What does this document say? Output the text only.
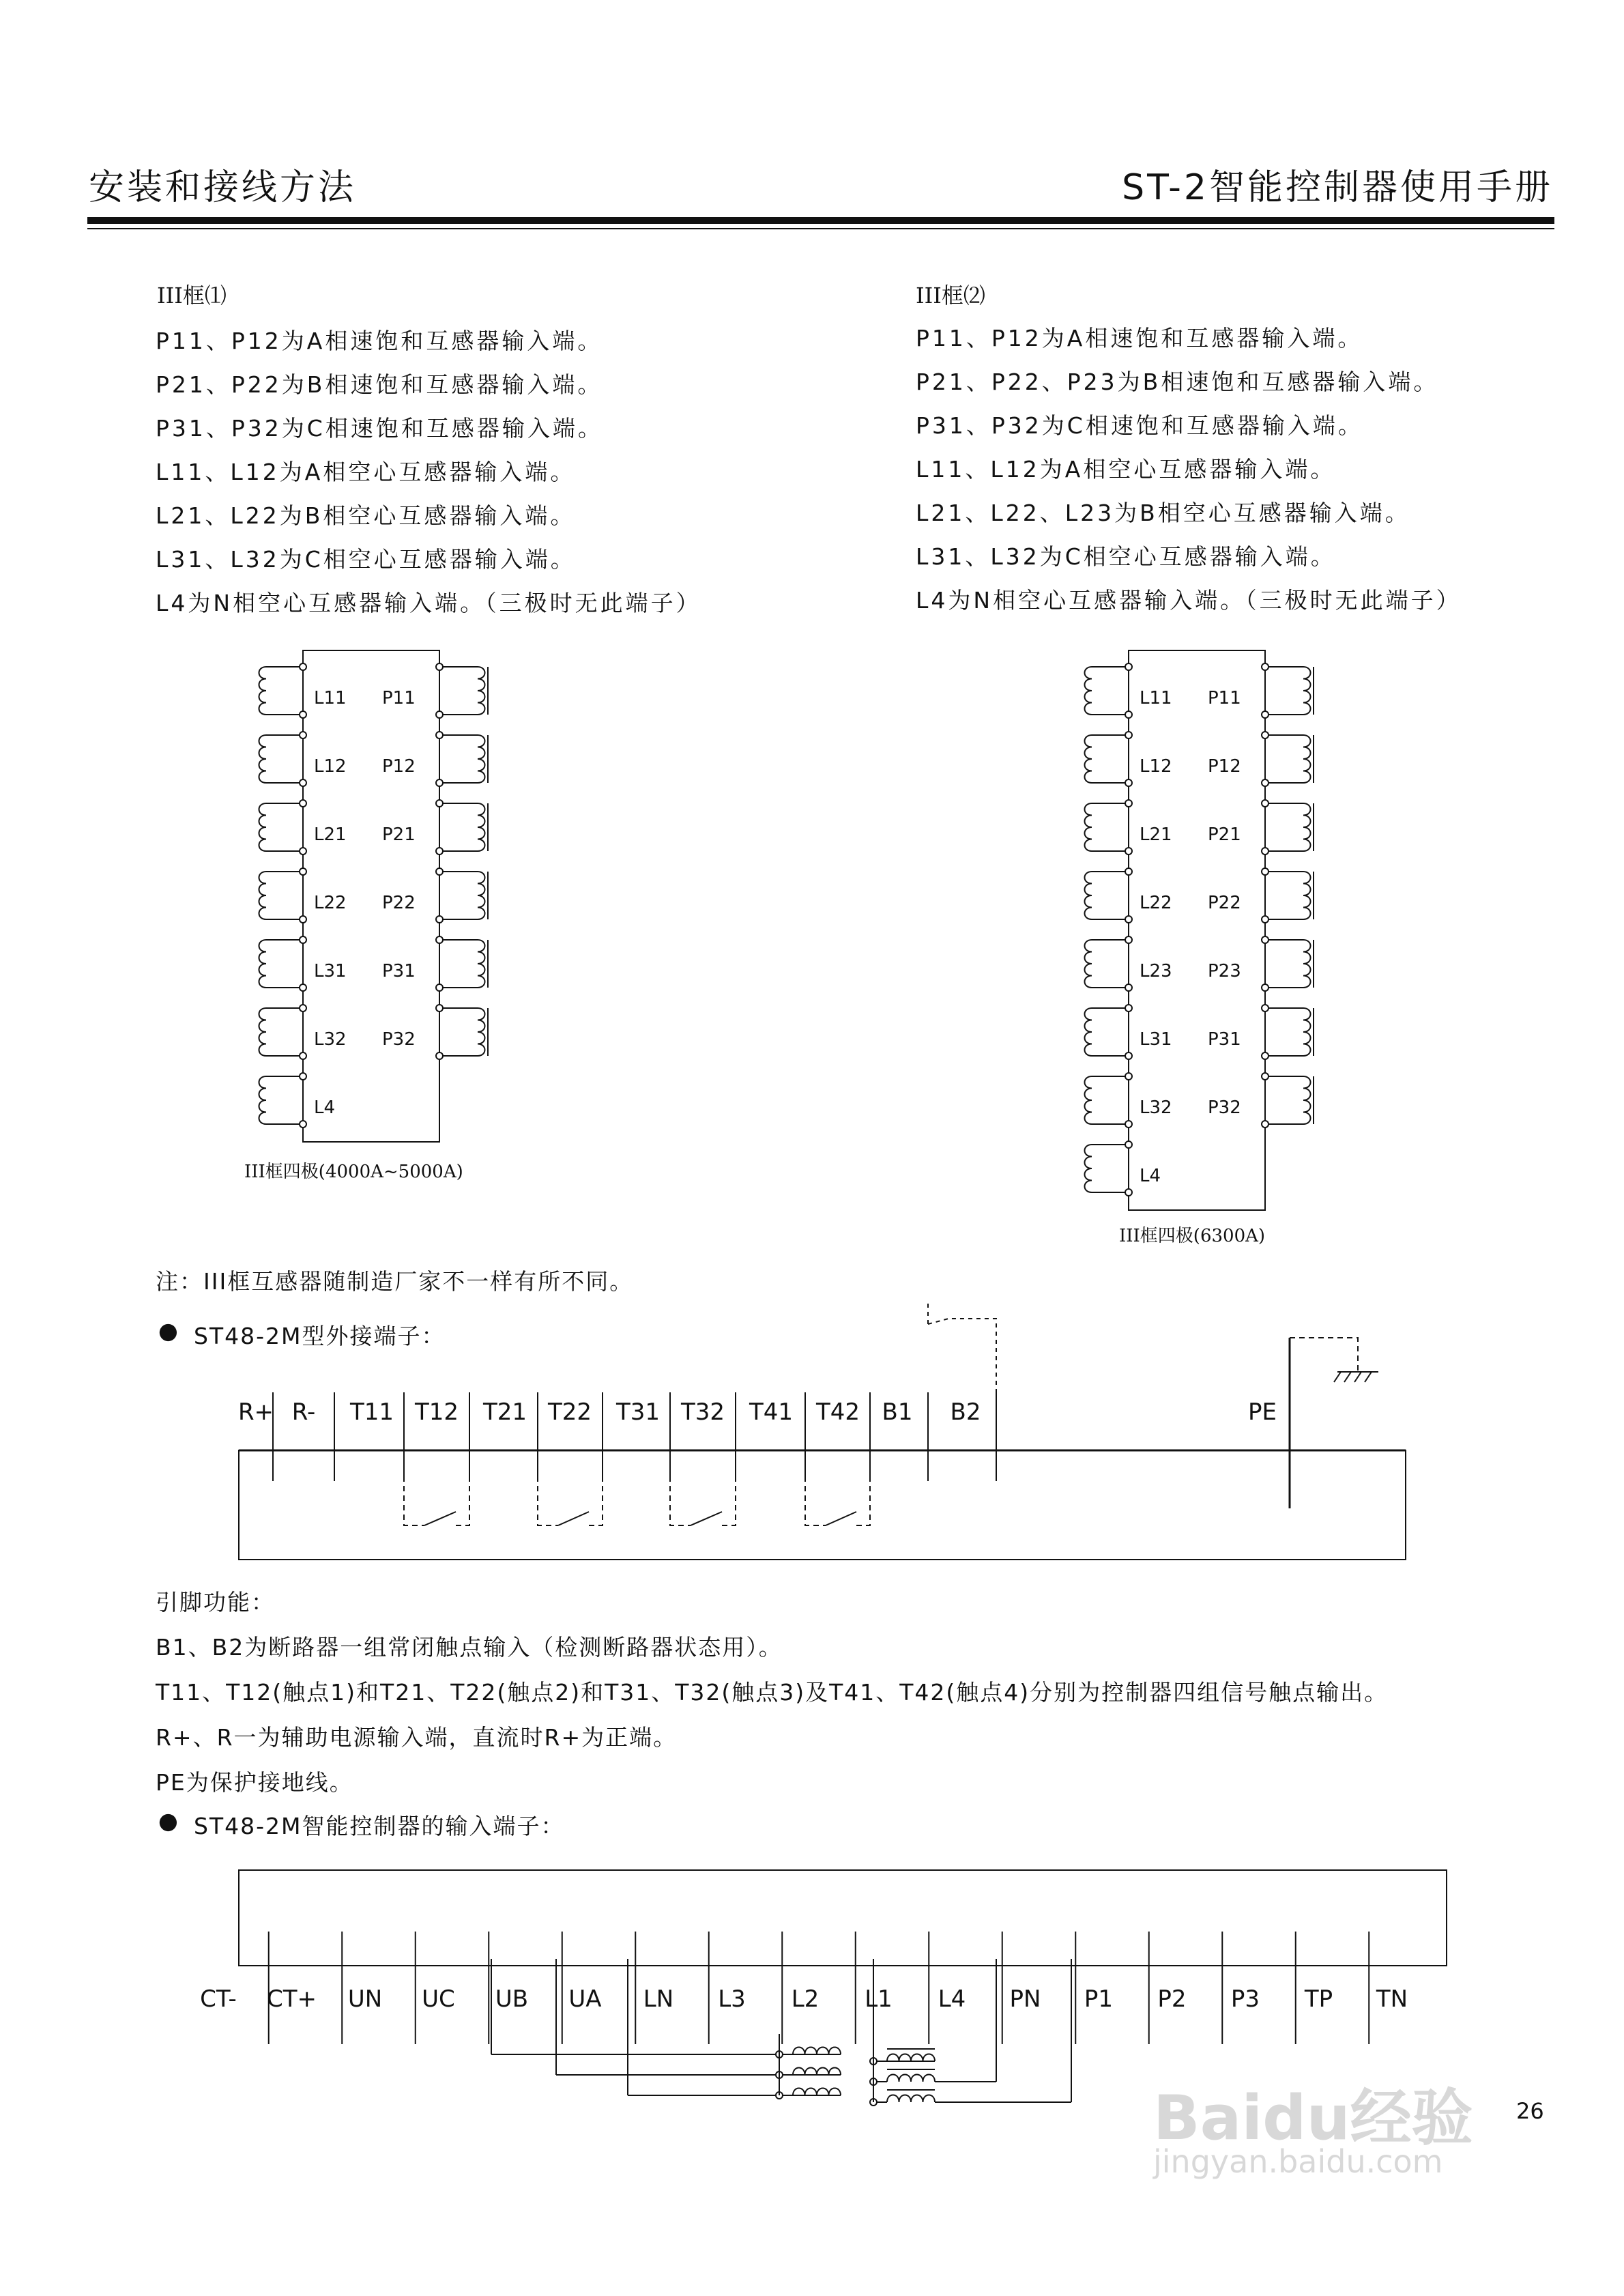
安装和接线方法	ST-2智能控制器使用手册
III框⑴
P11、P12为A相速饱和互感器输入端。
P21、P22为B相速饱和互感器输入端。
P31、P32为C相速饱和互感器输入端。
L11、L12为A相空心互感器输入端。
L21、L22为B相空心互感器输入端。
L31、L32为C相空心互感器输入端。
L4为N相空心互感器输入端。（三极时无此端子）
III框⑵
P11、P12为A相速饱和互感器输入端。
P21、P22、P23为B相速饱和互感器输入端。
P31、P32为C相速饱和互感器输入端。
L11、L12为A相空心互感器输入端。
L21、L22、L23为B相空心互感器输入端。
L31、L32为C相空心互感器输入端。
L4为N相空心互感器输入端。（三极时无此端子）
L11
L12
L21
L22
L31
L32
L4
P11
P12
P21
P22
P31
P32
III框四极(4000A~5000A)
L11
L12
L21
L22
L23
L31
L32
L4
P11
P12
P21
P22
P23
P31
P32
III框四极(6300A)
注：III框互感器随制造厂家不一样有所不同。
● ST48-2M型外接端子：
R+ R- T11 T12 T21 T22 T31 T32 T41 T42 B1 B2	PE
引脚功能：
B1、B2为断路器一组常闭触点输入（检测断路器状态用）。
T11、T12(触点1)和T21、T22(触点2)和T31、T32(触点3)及T41、T42(触点4)分别为控制器四组信号触点输出。
R+、R一为辅助电源输入端，直流时R+为正端。
PE为保护接地线。
● ST48-2M智能控制器的输入端子：
CT- CT+ UN UC UB UA LN L3 L2 L1 L4 PN P1 P2 P3 TP TN
26
Baidu经验
jingyan.baidu.com
